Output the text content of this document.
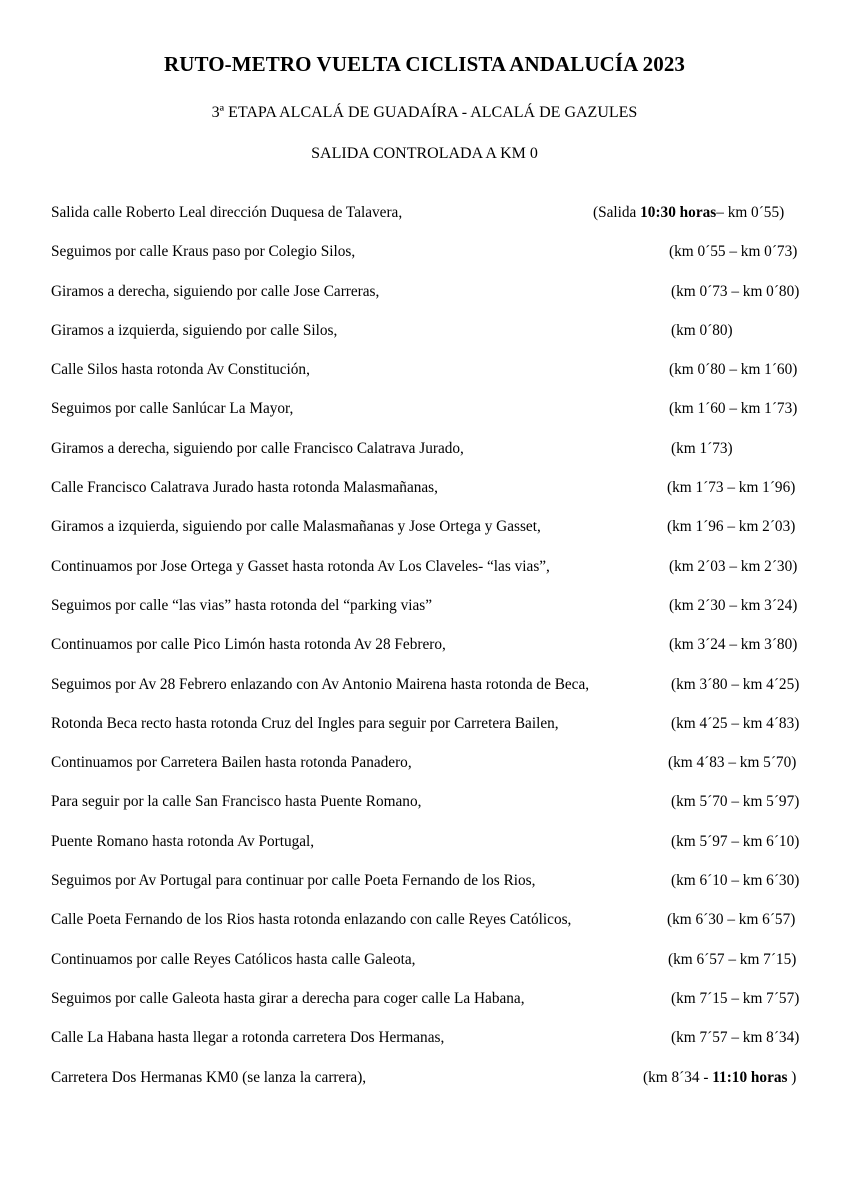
RUTO-METRO VUELTA CICLISTA ANDALUCÍA 2023
3ª ETAPA ALCALÁ DE GUADAÍRA - ALCALÁ DE GAZULES
SALIDA CONTROLADA A KM 0
Salida calle Roberto Leal dirección Duquesa de Talavera,	(Salida 10:30 horas– km 0´55)
Seguimos por calle Kraus paso por Colegio Silos,	(km 0´55 – km 0´73)
Giramos a derecha, siguiendo por calle Jose Carreras,	(km 0´73 – km 0´80)
Giramos a izquierda, siguiendo por calle Silos,	(km 0´80)
Calle Silos hasta rotonda Av Constitución,	(km 0´80 – km 1´60)
Seguimos por calle Sanlúcar La Mayor,	(km 1´60 – km 1´73)
Giramos a derecha, siguiendo por calle Francisco Calatrava Jurado,	(km 1´73)
Calle Francisco Calatrava Jurado hasta rotonda Malasmañanas,	(km 1´73 – km 1´96)
Giramos a izquierda, siguiendo por calle Malasmañanas y Jose Ortega y Gasset,	(km 1´96 – km 2´03)
Continuamos por Jose Ortega y Gasset hasta rotonda Av Los Claveles- “las vias”,	(km 2´03 – km 2´30)
Seguimos por calle “las vias” hasta rotonda del “parking vias”	(km 2´30 – km 3´24)
Continuamos por calle Pico Limón hasta rotonda Av 28 Febrero,	(km 3´24 – km 3´80)
Seguimos por Av 28 Febrero enlazando con Av Antonio Mairena hasta rotonda de Beca,	(km 3´80 – km 4´25)
Rotonda Beca recto hasta rotonda Cruz del Ingles para seguir por Carretera Bailen,	(km 4´25 – km 4´83)
Continuamos por Carretera Bailen hasta rotonda Panadero,	(km 4´83 – km 5´70)
Para seguir por la calle San Francisco hasta Puente Romano,	(km 5´70 – km 5´97)
Puente Romano hasta rotonda Av Portugal,	(km 5´97 – km 6´10)
Seguimos por Av Portugal para continuar por calle Poeta Fernando de los Rios,	(km 6´10 – km 6´30)
Calle Poeta Fernando de los Rios hasta rotonda enlazando con calle Reyes Católicos,	(km 6´30 – km 6´57)
Continuamos por calle Reyes Católicos hasta calle Galeota,	(km 6´57 – km 7´15)
Seguimos por calle Galeota hasta girar a derecha para coger calle La Habana,	(km 7´15 – km 7´57)
Calle La Habana hasta llegar a rotonda carretera Dos Hermanas,	(km 7´57 – km 8´34)
Carretera Dos Hermanas KM0 (se lanza la carrera),	(km 8´34 - 11:10 horas )
